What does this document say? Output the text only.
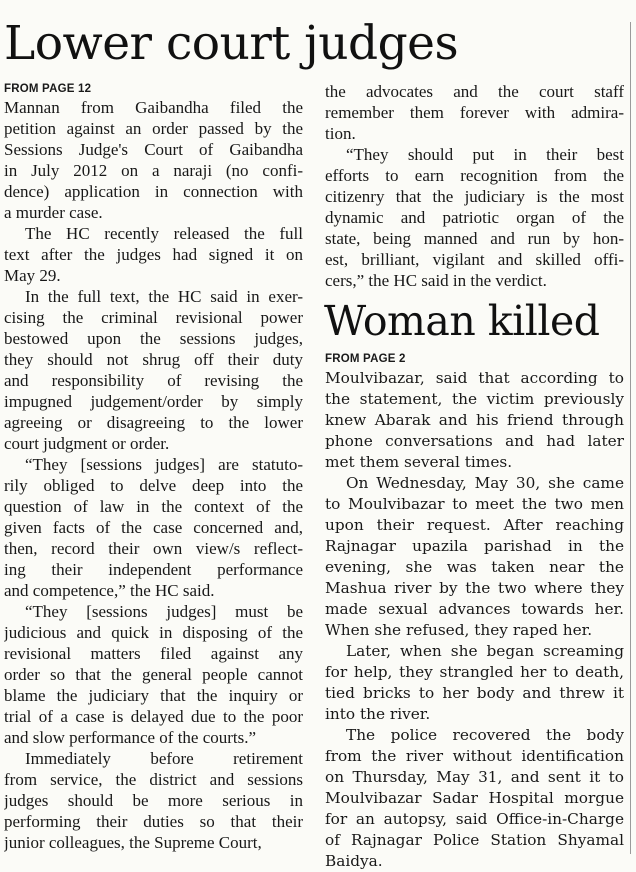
Lower court judges
FROM PAGE 12
Mannan from Gaibandha filed the
petition against an order passed by the
Sessions Judge's Court of Gaibandha
in July 2012 on a naraji (no confi-
dence) application in connection with
a murder case.
The HC recently released the full
text after the judges had signed it on
May 29.
In the full text, the HC said in exer-
cising the criminal revisional power
bestowed upon the sessions judges,
they should not shrug off their duty
and responsibility of revising the
impugned judgement/order by simply
agreeing or disagreeing to the lower
court judgment or order.
“They [sessions judges] are statuto-
rily obliged to delve deep into the
question of law in the context of the
given facts of the case concerned and,
then, record their own view/s reflect-
ing their independent performance
and competence,” the HC said.
“They [sessions judges] must be
judicious and quick in disposing of the
revisional matters filed against any
order so that the general people cannot
blame the judiciary that the inquiry or
trial of a case is delayed due to the poor
and slow performance of the courts.”
Immediately before retirement
from service, the district and sessions
judges should be more serious in
performing their duties so that their
junior colleagues, the Supreme Court,
the advocates and the court staff
remember them forever with admira-
tion.
“They should put in their best
efforts to earn recognition from the
citizenry that the judiciary is the most
dynamic and patriotic organ of the
state, being manned and run by hon-
est, brilliant, vigilant and skilled offi-
cers,” the HC said in the verdict.
Woman killed
FROM PAGE 2
Moulvibazar, said that according to
the statement, the victim previously
knew Abarak and his friend through
phone conversations and had later
met them several times.
On Wednesday, May 30, she came
to Moulvibazar to meet the two men
upon their request. After reaching
Rajnagar upazila parishad in the
evening, she was taken near the
Mashua river by the two where they
made sexual advances towards her.
When she refused, they raped her.
Later, when she began screaming
for help, they strangled her to death,
tied bricks to her body and threw it
into the river.
The police recovered the body
from the river without identification
on Thursday, May 31, and sent it to
Moulvibazar Sadar Hospital morgue
for an autopsy, said Office-in-Charge
of Rajnagar Police Station Shyamal
Baidya.
